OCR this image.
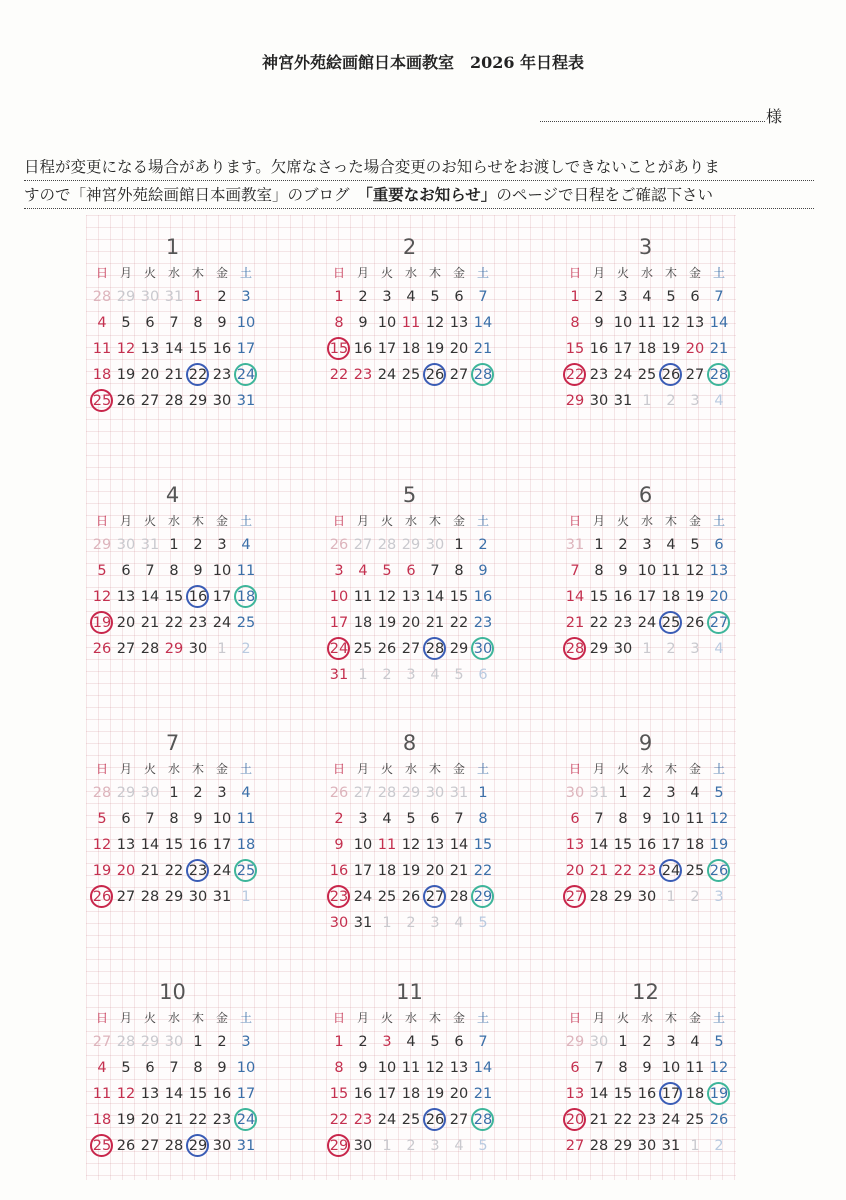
神宮外苑絵画館日本画教室　2026 年日程表
様
日程が変更になる場合があります。欠席なさった場合変更のお知らせをお渡しできないことがありま
すので「神宮外苑絵画館日本画教室」のブログ　「重要なお知らせ」のページで日程をご確認下さい
1
日 月 火 水 木 金 土
28 29 30 31 1	2	3
4	5	6	7	8	9 10
11 12 13 14 15 16 17
18 19 20 21 22 23 24
25 26 27 28 29 30 31
2
日 月 火 水 木 金 土
1	2	3	4	5	6	7
8	9 10 11 12 13 14
15 16 17 18 19 20 21
22 23 24 25 26 27 28
3
日 月 火 水 木 金 土
1	2	3	4	5	6	7
8	9 10 11 12 13 14
15 16 17 18 19 20 21
22 23 24 25 26 27 28
29 30 31 1	2	3	4
4
日 月 火 水 木 金 土
29 30 31 1	2	3	4
5	6	7	8	9 10 11
12 13 14 15 16 17 18
19 20 21 22 23 24 25
26 27 28 29 30 1	2
5
日 月 火 水 木 金 土
26 27 28 29 30 1	2
3	4	5	6	7	8	9
10 11 12 13 14 15 16
17 18 19 20 21 22 23
24 25 26 27 28 29 30
31 1	2	3	4	5	6
6
日 月 火 水 木 金 土
31 1	2	3	4	5	6
7	8	9 10 11 12 13
14 15 16 17 18 19 20
21 22 23 24 25 26 27
28 29 30 1	2	3	4
7
日 月 火 水 木 金 土
28 29 30 1	2	3	4
5	6	7	8	9 10 11
12 13 14 15 16 17 18
19 20 21 22 23 24 25
26 27 28 29 30 31 1
8
日 月 火 水 木 金 土
26 27 28 29 30 31 1
2	3	4	5	6	7	8
9 10 11 12 13 14 15
16 17 18 19 20 21 22
23 24 25 26 27 28 29
30 31 1	2	3	4	5
9
日 月 火 水 木 金 土
30 31 1	2	3	4	5
6	7	8	9 10 11 12
13 14 15 16 17 18 19
20 21 22 23 24 25 26
27 28 29 30 1	2	3
10
日 月 火 水 木 金 土
27 28 29 30 1	2	3
4	5	6	7	8	9 10
11 12 13 14 15 16 17
18 19 20 21 22 23 24
25 26 27 28 29 30 31
11
日 月 火 水 木 金 土
1	2	3	4	5	6	7
8	9 10 11 12 13 14
15 16 17 18 19 20 21
22 23 24 25 26 27 28
29 30 1	2	3	4	5
12
日 月 火 水 木 金 土
29 30 1	2	3	4	5
6	7	8	9 10 11 12
13 14 15 16 17 18 19
20 21 22 23 24 25 26
27 28 29 30 31 1	2
